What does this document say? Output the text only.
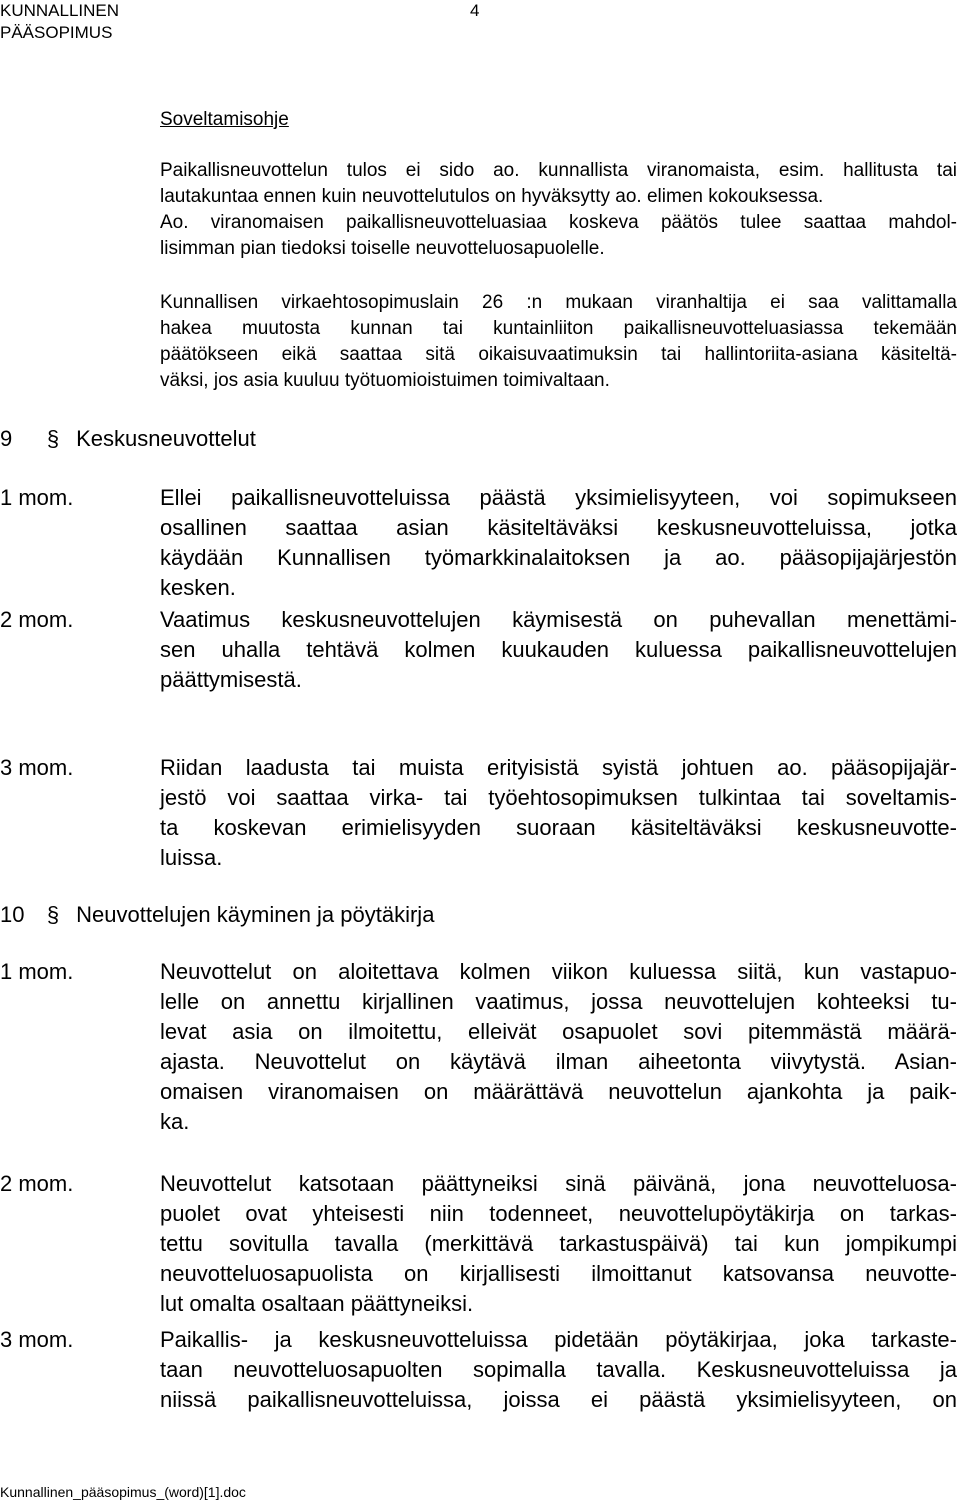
KUNNALLINEN
PÄÄSOPIMUS
4
Soveltamisohje
Paikallisneuvottelun tulos ei sido ao. kunnallista viranomaista, esim. hallitusta tai
lautakuntaa ennen kuin neuvottelutulos on hyväksytty ao. elimen kokouksessa.
Ao. viranomaisen paikallisneuvotteluasiaa koskeva päätös tulee saattaa mahdol-
lisimman pian tiedoksi toiselle neuvotteluosapuolelle.
Kunnallisen virkaehtosopimuslain 26 :n mukaan viranhaltija ei saa valittamalla
hakea muutosta kunnan tai kuntainliiton paikallisneuvotteluasiassa tekemään
päätökseen eikä saattaa sitä oikaisuvaatimuksin tai hallintoriita-asiana käsiteltä-
väksi, jos asia kuuluu työtuomioistuimen toimivaltaan.
9 § Keskusneuvottelut
1 mom.	Ellei paikallisneuvotteluissa päästä yksimielisyyteen, voi sopimukseen
osallinen saattaa asian käsiteltäväksi keskusneuvotteluissa, jotka
käydään Kunnallisen työmarkkinalaitoksen ja ao. pääsopijajärjestön
kesken.
2 mom.	Vaatimus keskusneuvottelujen käymisestä on puhevallan menettämi-
sen uhalla tehtävä kolmen kuukauden kuluessa paikallisneuvottelujen
päättymisestä.
3 mom.	Riidan laadusta tai muista erityisistä syistä johtuen ao. pääsopijajär-
jestö voi saattaa virka- tai työehtosopimuksen tulkintaa tai soveltamis-
ta koskevan erimielisyyden suoraan käsiteltäväksi keskusneuvotte-
luissa.
10 § Neuvottelujen käyminen ja pöytäkirja
1 mom.	Neuvottelut on aloitettava kolmen viikon kuluessa siitä, kun vastapuo-
lelle on annettu kirjallinen vaatimus, jossa neuvottelujen kohteeksi tu-
levat asia on ilmoitettu, elleivät osapuolet sovi pitemmästä määrä-
ajasta. Neuvottelut on käytävä ilman aiheetonta viivytystä. Asian-
omaisen viranomaisen on määrättävä neuvottelun ajankohta ja paik-
ka.
2 mom.	Neuvottelut katsotaan päättyneiksi sinä päivänä, jona neuvotteluosa-
puolet ovat yhteisesti niin todenneet, neuvottelupöytäkirja on tarkas-
tettu sovitulla tavalla (merkittävä tarkastuspäivä) tai kun jompikumpi
neuvotteluosapuolista on kirjallisesti ilmoittanut katsovansa neuvotte-
lut omalta osaltaan päättyneiksi.
3 mom.	Paikallis- ja keskusneuvotteluissa pidetään pöytäkirjaa, joka tarkaste-
taan neuvotteluosapuolten sopimalla tavalla. Keskusneuvotteluissa ja
niissä paikallisneuvotteluissa, joissa ei päästä yksimielisyyteen, on
Kunnallinen_pääsopimus_(word)[1].doc
